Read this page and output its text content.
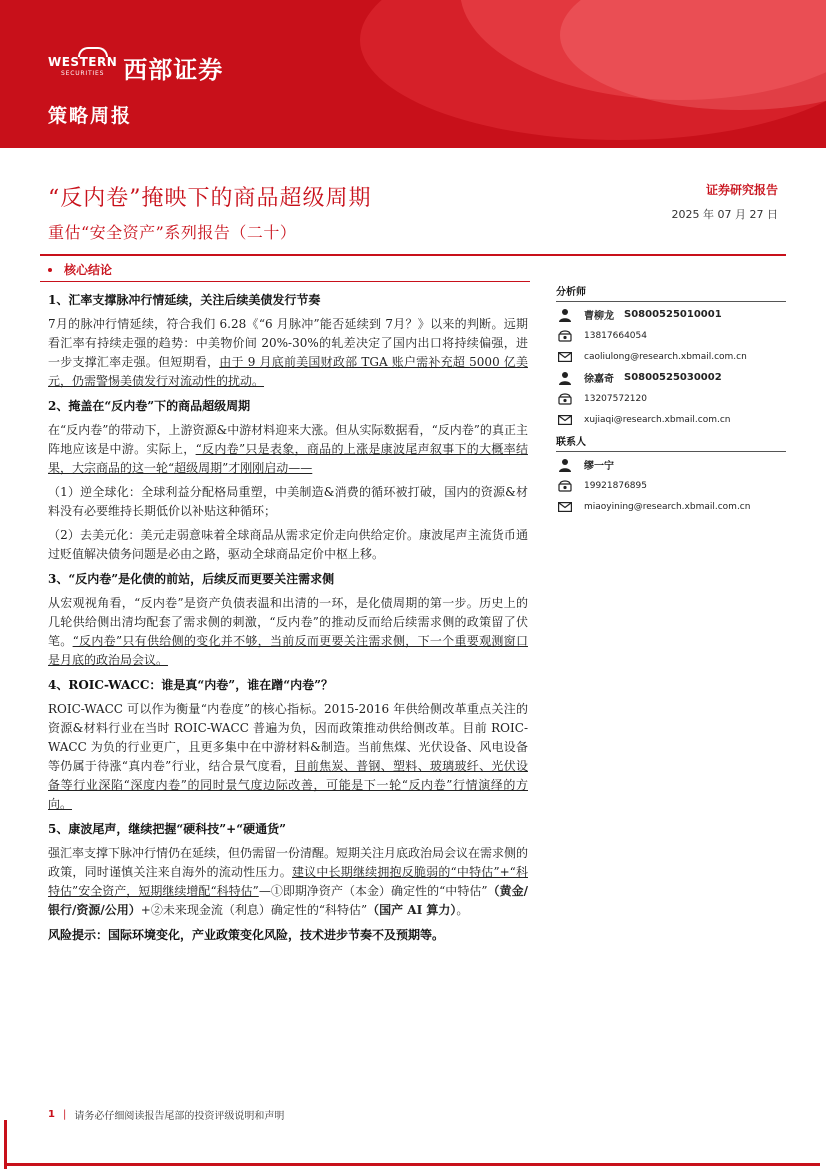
WESTERN
SECURITIES 西部证券
策略周报
“反内卷”掩映下的商品超级周期
重估“安全资产”系列报告（二十）
证券研究报告
2025 年 07 月 27 日
核心结论
1、汇率支撑脉冲行情延续，关注后续美债发行节奏

7月的脉冲行情延续，符合我们 6.28《“6 月脉冲”能否延续到 7月？》以来的判断。远期看汇率有持续走强的趋势：中美物价间 20%-30%的轧差决定了国内出口将持续偏强，进一步支撑汇率走强。但短期看，由于 9 月底前美国财政部 TGA 账户需补充超 5000 亿美元，仍需警惕美债发行对流动性的扰动。

2、掩盖在“反内卷”下的商品超级周期

在“反内卷”的带动下，上游资源&中游材料迎来大涨。但从实际数据看，“反内卷”的真正主阵地应该是中游。实际上，“反内卷”只是表象，商品的上涨是康波尾声叙事下的大概率结果，大宗商品的这一轮“超级周期”才刚刚启动——

（1）逆全球化：全球利益分配格局重塑，中美制造&消费的循环被打破，国内的资源&材料没有必要维持长期低价以补贴这种循环；

（2）去美元化：美元走弱意味着全球商品从需求定价走向供给定价。康波尾声主流货币通过贬值解决债务问题是必由之路，驱动全球商品定价中枢上移。

3、“反内卷”是化债的前站，后续反而更要关注需求侧

从宏观视角看，“反内卷”是资产负债表温和出清的一环，是化债周期的第一步。历史上的几轮供给侧出清均配套了需求侧的刺激，“反内卷”的推动反而给后续需求侧的政策留了伏笔。“反内卷”只有供给侧的变化并不够，当前反而更要关注需求侧，下一个重要观测窗口是月底的政治局会议。

4、ROIC-WACC：谁是真“内卷”，谁在蹭“内卷”？

ROIC-WACC 可以作为衡量“内卷度”的核心指标。2015-2016 年供给侧改革重点关注的资源&材料行业在当时 ROIC-WACC 普遍为负，因而政策推动供给侧改革。目前 ROIC-WACC 为负的行业更广，且更多集中在中游材料&制造。当前焦煤、光伏设备、风电设备等仍属于待涨“真内卷”行业，结合景气度看，目前焦炭、普钢、塑料、玻璃玻纤、光伏设备等行业深陷“深度内卷”的同时景气度边际改善，可能是下一轮“反内卷”行情演绎的方向。

5、康波尾声，继续把握“硬科技”+“硬通货”

强汇率支撑下脉冲行情仍在延续，但仍需留一份清醒。短期关注月底政治局会议在需求侧的政策，同时谨慎关注来自海外的流动性压力。建议中长期继续拥抱反脆弱的“中特估”+“科特估”安全资产，短期继续增配“科特估”—①即期净资产（本金）确定性的“中特估”（黄金/银行/资源/公用）+②未来现金流（利息）确定性的“科特估”（国产 AI 算力）。

风险提示：国际环境变化，产业政策变化风险，技术进步节奏不及预期等。
分析师
曹柳龙 S0800525010001
13817664054
caoliulong@research.xbmail.com.cn
徐嘉奇 S0800525030002
13207572120
xujiaqi@research.xbmail.com.cn
联系人
缪一宁
19921876895
miaoyining@research.xbmail.com.cn
1 | 请务必仔细阅读报告尾部的投资评级说明和声明
